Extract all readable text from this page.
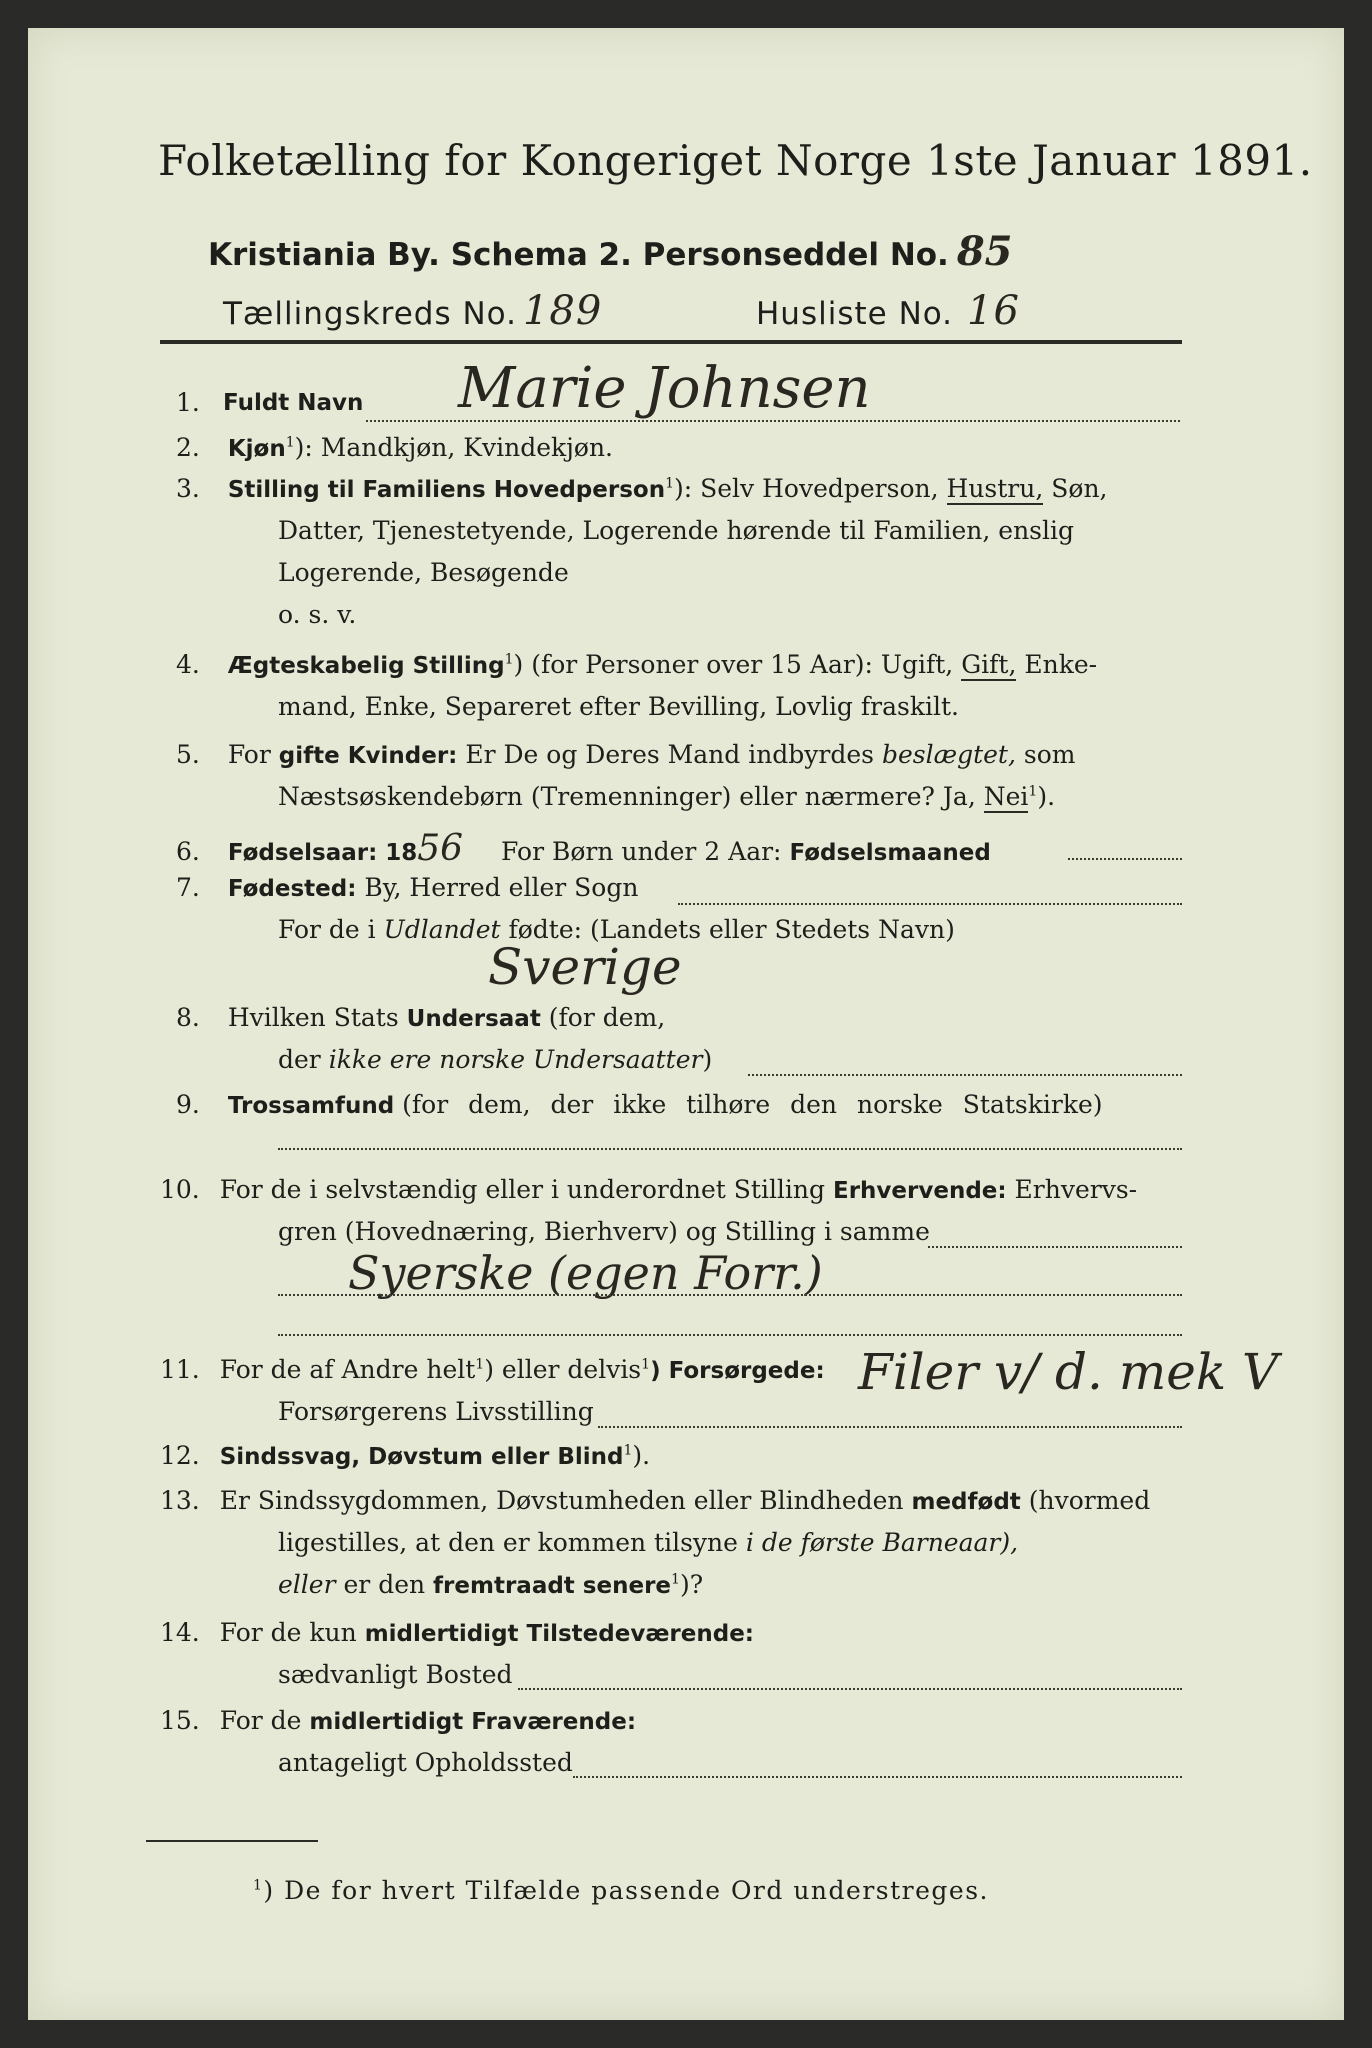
Folketælling for Kongeriget Norge 1ste Januar 1891.
Kristiania By. Schema 2. Personseddel No. 85
Tællingskreds No. 189	Husliste No. 16
1. Fuldt Navn Marie Johnsen
2. Kjøn$^1$): Mandkjøn, Kvindekjøn.
3. Stilling til Familiens Hovedperson$^1$): Selv Hovedperson, Hustru, Søn,
Datter, Tjenestetyende, Logerende hørende til Familien, enslig
Logerende, Besøgende
o. s. v.
4. Ægteskabelig Stilling$^1$) (for Personer over 15 Aar): Ugift, Gift, Enke-
mand, Enke, Separeret efter Bevilling, Lovlig fraskilt.
5. For gifte Kvinder: Er De og Deres Mand indbyrdes beslægtet, som
Næstsøskendebørn (Tremenninger) eller nærmere? Ja, Nei$^1$).
6. Fødselsaar: 1856 For Børn under 2 Aar: Fødselsmaaned
7. Fødested: By, Herred eller Sogn
For de i Udlandet fødte: (Landets eller Stedets Navn)
Sverige
8. Hvilken Stats Undersaat (for dem,
der ikke ere norske Undersaatter)
9. Trossamfund (for dem, der ikke tilhøre den norske Statskirke)
10. For de i selvstændig eller i underordnet Stilling Erhvervende: Erhvervs-
gren (Hovednæring, Bierhverv) og Stilling i samme
Syerske (egen Forr.)
11. For de af Andre helt$^1$) eller delvis$^1$) Forsørgede:
Forsørgerens Livsstilling
Filer v/ d. mek V
12. Sindssvag, Døvstum eller Blind$^1$).
13. Er Sindssygdommen, Døvstumheden eller Blindheden medfødt (hvormed
ligestilles, at den er kommen tilsyne i de første Barneaar),
eller er den fremtraadt senere$^1$)?
14. For de kun midlertidigt Tilstedeværende:
sædvanligt Bosted
15. For de midlertidigt Fraværende:
antageligt Opholdssted
$^1$) De for hvert Tilfælde passende Ord understreges.
